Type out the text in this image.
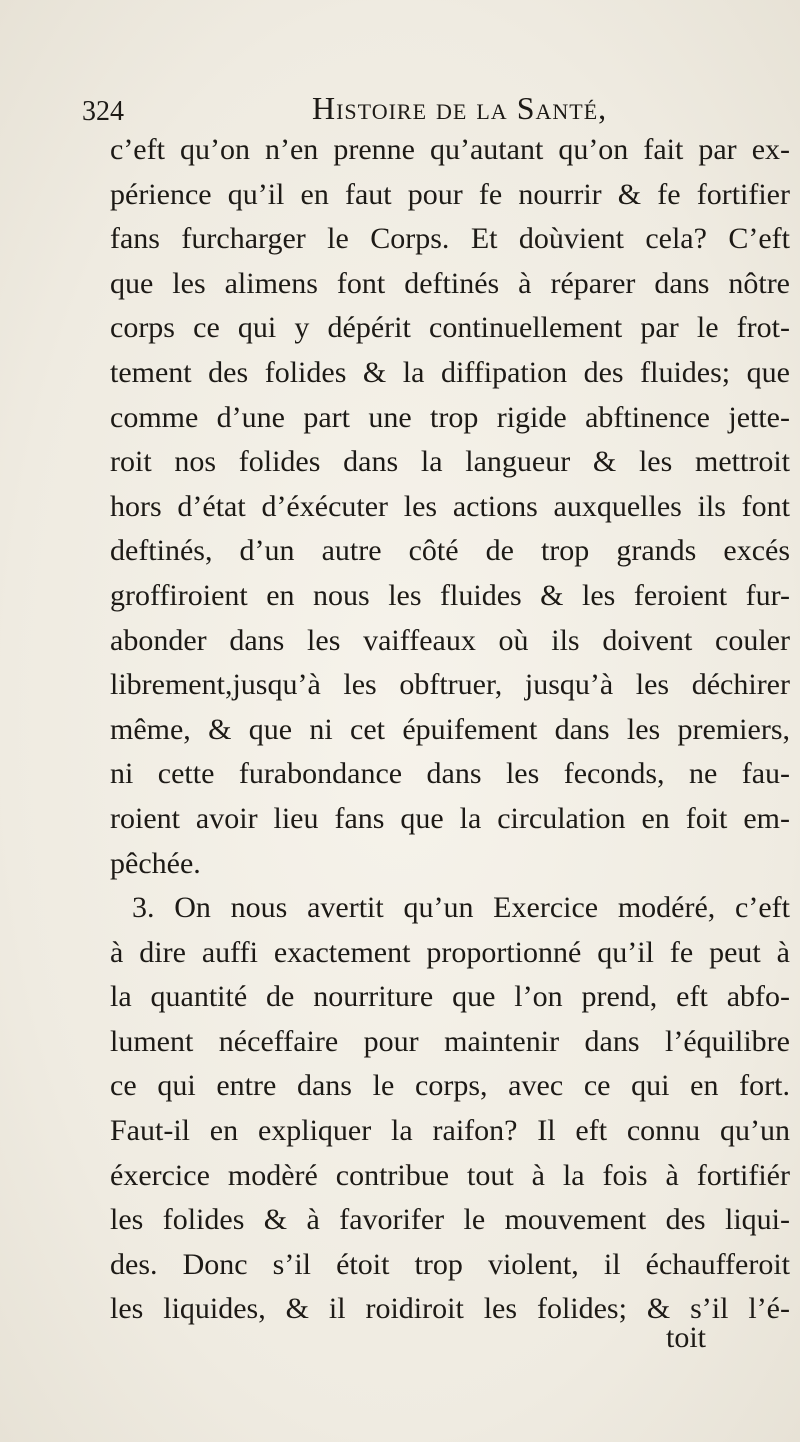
324	Histoire de la Santé,
c’eft qu’on n’en prenne qu’autant qu’on fait par ex-
périence qu’il en faut pour fe nourrir & fe fortifier
fans furcharger le Corps. Et doùvient cela? C’eft
que les alimens font deftinés à réparer dans nôtre
corps ce qui y dépérit continuellement par le frot-
tement des folides & la diffipation des fluides; que
comme d’une part une trop rigide abftinence jette-
roit nos folides dans la langueur & les mettroit
hors d’état d’éxécuter les actions auxquelles ils font
deftinés, d’un autre côté de trop grands excés
groffiroient en nous les fluides & les feroient fur-
abonder dans les vaiffeaux où ils doivent couler
librement,jusqu’à les obftruer, jusqu’à les déchirer
même, & que ni cet épuifement dans les premiers,
ni cette furabondance dans les feconds, ne fau-
roient avoir lieu fans que la circulation en foit em-
pêchée.
3. On nous avertit qu’un Exercice modéré, c’eft
à dire auffi exactement proportionné qu’il fe peut à
la quantité de nourriture que l’on prend, eft abfo-
lument néceffaire pour maintenir dans l’équilibre
ce qui entre dans le corps, avec ce qui en fort.
Faut-il en expliquer la raifon? Il eft connu qu’un
éxercice modèré contribue tout à la fois à fortifiér
les folides & à favorifer le mouvement des liqui-
des. Donc s’il étoit trop violent, il échaufferoit
les liquides, & il roidiroit les folides; & s’il l’é-
toit
